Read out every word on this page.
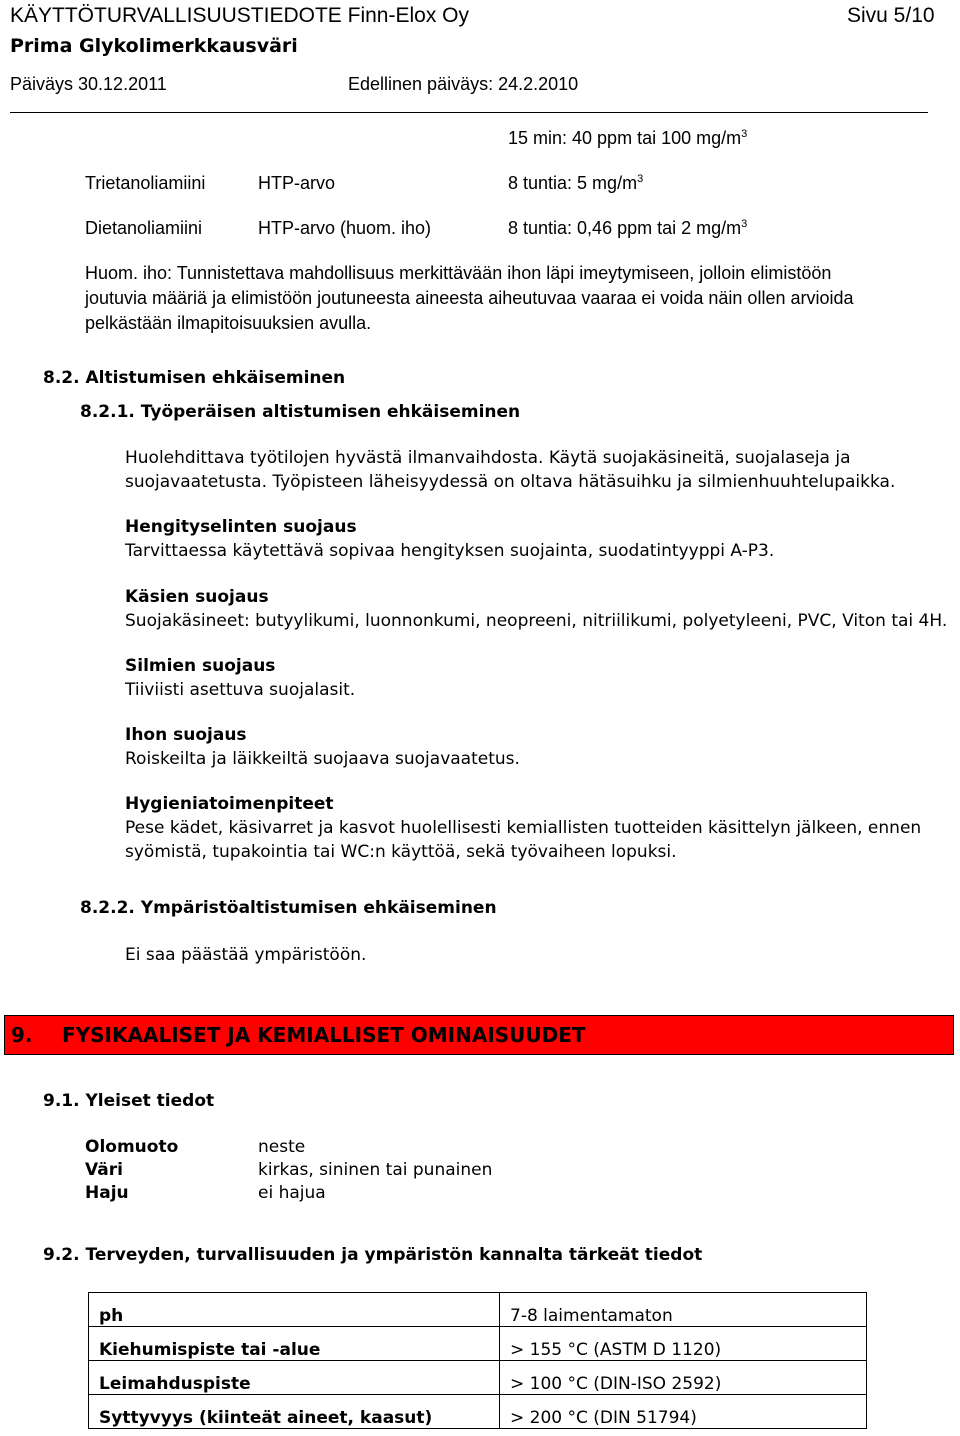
KÄYTTÖTURVALLISUUSTIEDOTE Finn-Elox Oy	Sivu 5/10
Prima Glykolimerkkausväri
Päiväys 30.12.2011	Edellinen päiväys: 24.2.2010
15 min: 40 ppm tai 100 $mg/m^3$
Trietanoliamiini	HTP-arvo	8 tuntia: 5 $mg/m^3$
Dietanoliamiini	HTP-arvo (huom. iho)	8 tuntia: 0,46 ppm tai 2 $mg/m^3$
Huom. iho: Tunnistettava mahdollisuus merkittävään ihon läpi imeytymiseen, jolloin elimistöön
joutuvia määriä ja elimistöön joutuneesta aineesta aiheutuvaa vaaraa ei voida näin ollen arvioida
pelkästään ilmapitoisuuksien avulla.
8.2. Altistumisen ehkäiseminen
8.2.1. Työperäisen altistumisen ehkäiseminen
Huolehdittava työtilojen hyvästä ilmanvaihdosta. Käytä suojakäsineitä, suojalaseja ja
suojavaatetusta. Työpisteen läheisyydessä on oltava hätäsuihku ja silmienhuuhtelupaikka.
Hengityselinten suojaus
Tarvittaessa käytettävä sopivaa hengityksen suojainta, suodatintyyppi A-P3.
Käsien suojaus
Suojakäsineet: butyylikumi, luonnonkumi, neopreeni, nitriilikumi, polyetyleeni, PVC, Viton tai 4H.
Silmien suojaus
Tiiviisti asettuva suojalasit.
Ihon suojaus
Roiskeilta ja läikkeiltä suojaava suojavaatetus.
Hygieniatoimenpiteet
Pese kädet, käsivarret ja kasvot huolellisesti kemiallisten tuotteiden käsittelyn jälkeen, ennen
syömistä, tupakointia tai WC:n käyttöä, sekä työvaiheen lopuksi.
8.2.2. Ympäristöaltistumisen ehkäiseminen
Ei saa päästää ympäristöön.
9. FYSIKAALISET JA KEMIALLISET OMINAISUUDET
9.1. Yleiset tiedot
Olomuoto	neste
Väri	kirkas, sininen tai punainen
Haju	ei hajua
9.2. Terveyden, turvallisuuden ja ympäristön kannalta tärkeät tiedot
ph	7-8 laimentamaton
Kiehumispiste tai -alue	> 155 °C (ASTM D 1120)
Leimahduspiste	> 100 °C (DIN-ISO 2592)
Syttyvyys (kiinteät aineet, kaasut)	> 200 °C (DIN 51794)
